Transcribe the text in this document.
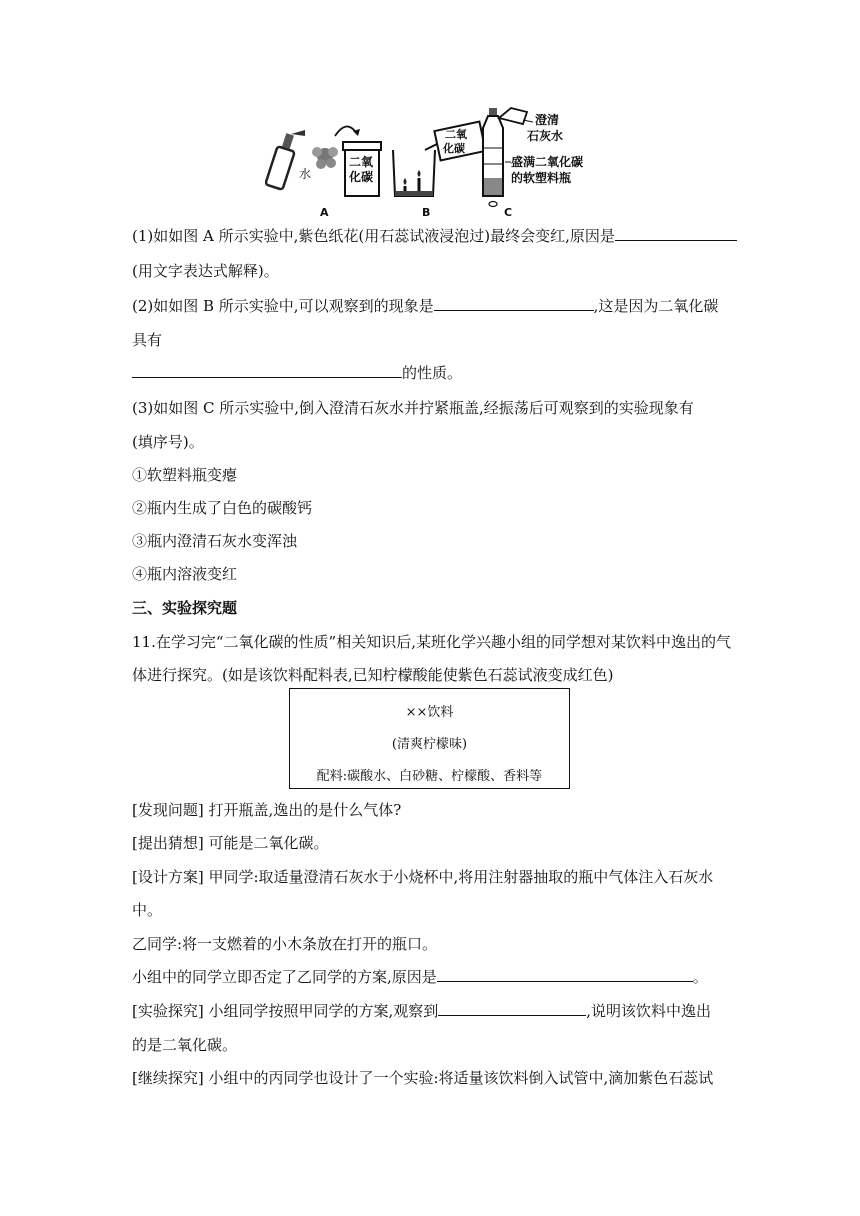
水
二氧
化碳
A
二氧
化碳
B
澄清
石灰水
盛满二氧化碳
的软塑料瓶
C
(1)如如图 A 所示实验中,紫色纸花(用石蕊试液浸泡过)最终会变红,原因是
(用文字表达式解释)。
(2)如如图 B 所示实验中,可以观察到的现象是	,这是因为二氧化碳
具有
的性质。
(3)如如图 C 所示实验中,倒入澄清石灰水并拧紧瓶盖,经振荡后可观察到的实验现象有
(填序号)。
①软塑料瓶变瘪
②瓶内生成了白色的碳酸钙
③瓶内澄清石灰水变浑浊
④瓶内溶液变红
三、实验探究题
11.在学习完“二氧化碳的性质”相关知识后,某班化学兴趣小组的同学想对某饮料中逸出的气
体进行探究。(如是该饮料配料表,已知柠檬酸能使紫色石蕊试液变成红色)
××饮料
(清爽柠檬味)
配料:碳酸水、白砂糖、柠檬酸、香料等
[发现问题] 打开瓶盖,逸出的是什么气体?
[提出猜想] 可能是二氧化碳。
[设计方案] 甲同学:取适量澄清石灰水于小烧杯中,将用注射器抽取的瓶中气体注入石灰水
中。
乙同学:将一支燃着的小木条放在打开的瓶口。
小组中的同学立即否定了乙同学的方案,原因是	。
[实验探究] 小组同学按照甲同学的方案,观察到	,说明该饮料中逸出
的是二氧化碳。
[继续探究] 小组中的丙同学也设计了一个实验:将适量该饮料倒入试管中,滴加紫色石蕊试
